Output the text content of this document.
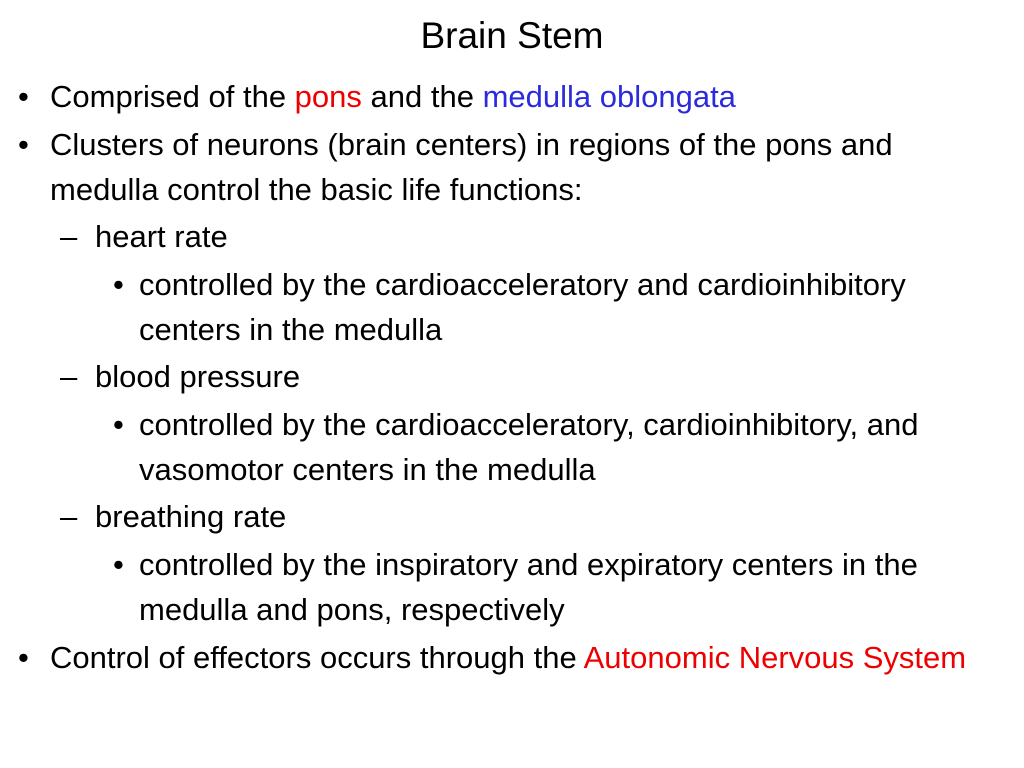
Brain Stem
• Comprised of the pons and the medulla oblongata
• Clusters of neurons (brain centers) in regions of the pons and medulla control the basic life functions:
– heart rate
• controlled by the cardioacceleratory and cardioinhibitory centers in the medulla
– blood pressure
• controlled by the cardioacceleratory, cardioinhibitory, and vasomotor centers in the medulla
– breathing rate
• controlled by the inspiratory and expiratory centers in the medulla and pons, respectively
• Control of effectors occurs through the Autonomic Nervous System
